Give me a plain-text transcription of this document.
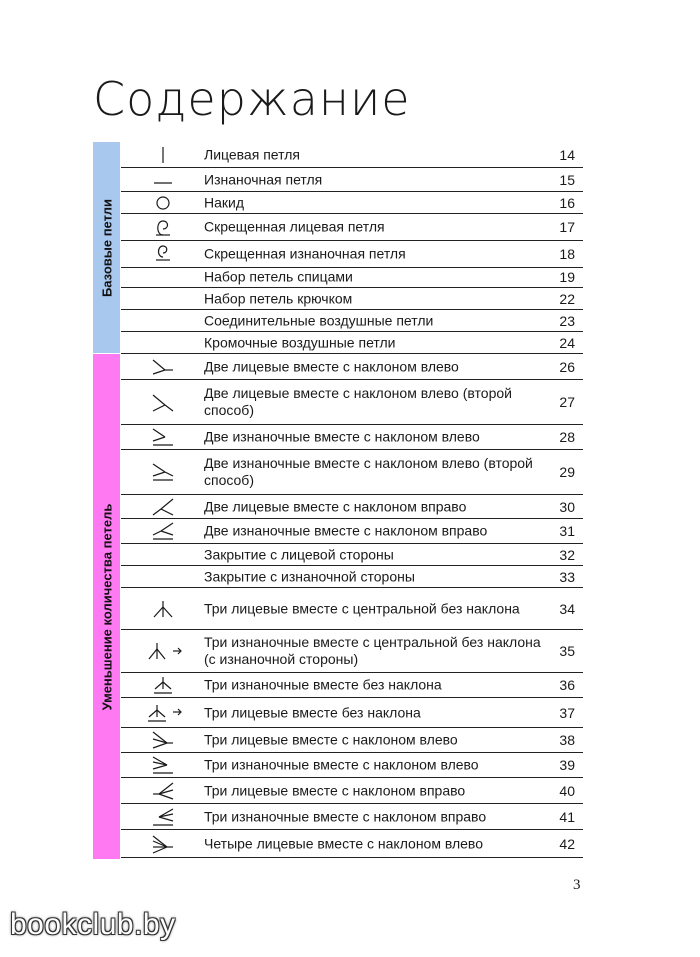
Содержание
Базовые петли
Уменьшение количества петель
Лицевая петля	14
Изнаночная петля	15
Накид	16
Скрещенная лицевая петля	17
Скрещенная изнаночная петля	18
Набор петель спицами	19
Набор петель крючком	22
Соединительные воздушные петли	23
Кромочные воздушные петли	24
Две лицевые вместе с наклоном влево	26
Две лицевые вместе с наклоном влево (второй способ)	27
Две изнаночные вместе с наклоном влево	28
Две изнаночные вместе с наклоном влево (второй способ)	29
Две лицевые вместе с наклоном вправо	30
Две изнаночные вместе с наклоном вправо	31
Закрытие с лицевой стороны	32
Закрытие с изнаночной стороны	33
Три лицевые вместе с центральной без наклона	34
Три изнаночные вместе с центральной без наклона (с изнаночной стороны)	35
Три изнаночные вместе без наклона	36
Три лицевые вместе без наклона	37
Три лицевые вместе с наклоном влево	38
Три изнаночные вместе с наклоном влево	39
Три лицевые вместе с наклоном вправо	40
Три изнаночные вместе с наклоном вправо	41
Четыре лицевые вместе с наклоном влево	42
3
bookclub.by
